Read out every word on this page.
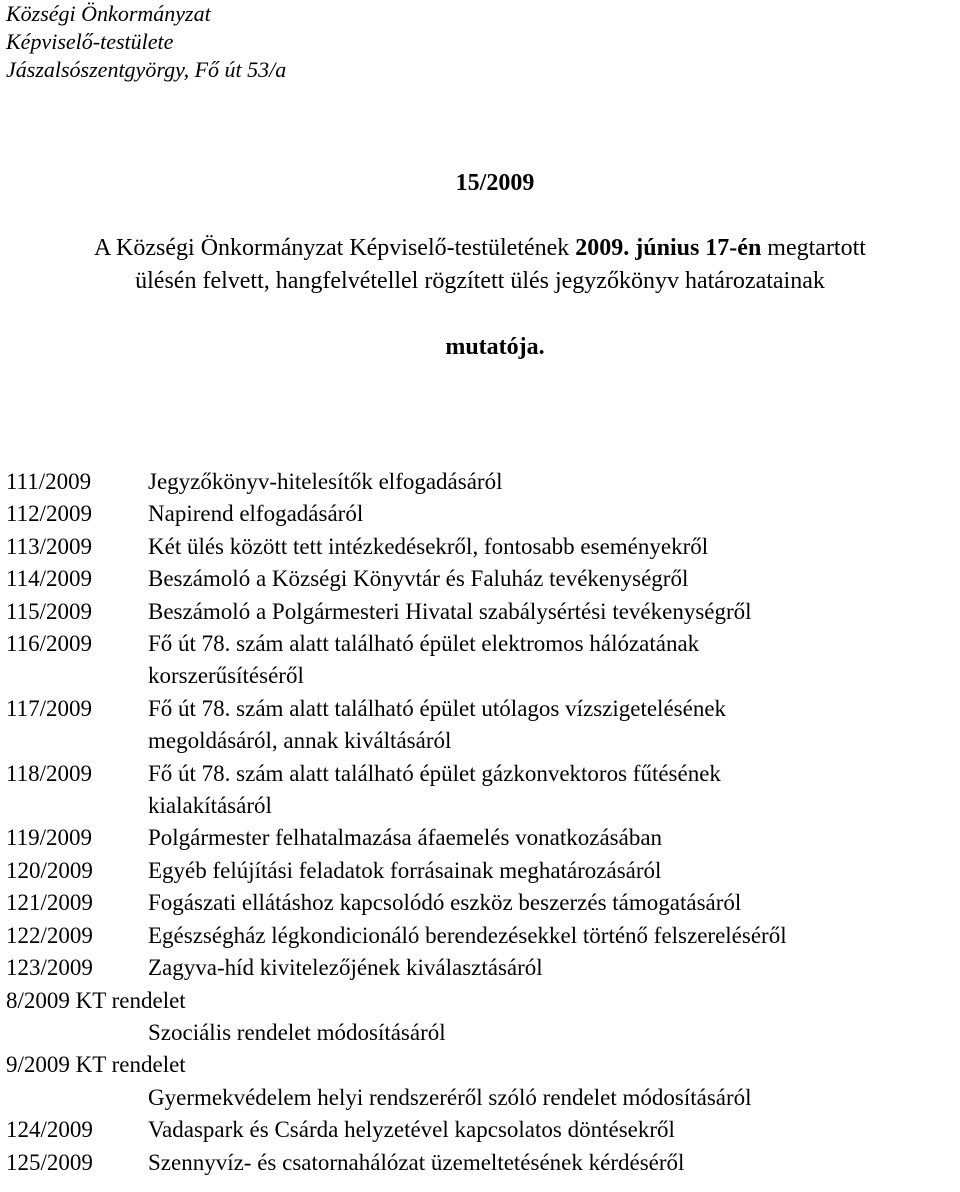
Községi Önkormányzat
Képviselő-testülete
Jászalsószentgyörgy, Fő út 53/a
15/2009
A Községi Önkormányzat Képviselő-testületének 2009. június 17-én megtartott
ülésén felvett, hangfelvétellel rögzített ülés jegyzőkönyv határozatainak
mutatója.
111/2009	Jegyzőkönyv-hitelesítők elfogadásáról
112/2009	Napirend elfogadásáról
113/2009	Két ülés között tett intézkedésekről, fontosabb eseményekről
114/2009	Beszámoló a Községi Könyvtár és Faluház tevékenységről
115/2009	Beszámoló a Polgármesteri Hivatal szabálysértési tevékenységről
116/2009	Fő út 78. szám alatt található épület elektromos hálózatának
korszerűsítéséről
117/2009	Fő út 78. szám alatt található épület utólagos vízszigetelésének
megoldásáról, annak kiváltásáról
118/2009	Fő út 78. szám alatt található épület gázkonvektoros fűtésének
kialakításáról
119/2009	Polgármester felhatalmazása áfaemelés vonatkozásában
120/2009	Egyéb felújítási feladatok forrásainak meghatározásáról
121/2009	Fogászati ellátáshoz kapcsolódó eszköz beszerzés támogatásáról
122/2009	Egészségház légkondicionáló berendezésekkel történő felszereléséről
123/2009	Zagyva-híd kivitelezőjének kiválasztásáról
8/2009 KT rendelet
Szociális rendelet módosításáról
9/2009 KT rendelet
Gyermekvédelem helyi rendszeréről szóló rendelet módosításáról
124/2009	Vadaspark és Csárda helyzetével kapcsolatos döntésekről
125/2009	Szennyvíz- és csatornahálózat üzemeltetésének kérdéséről
